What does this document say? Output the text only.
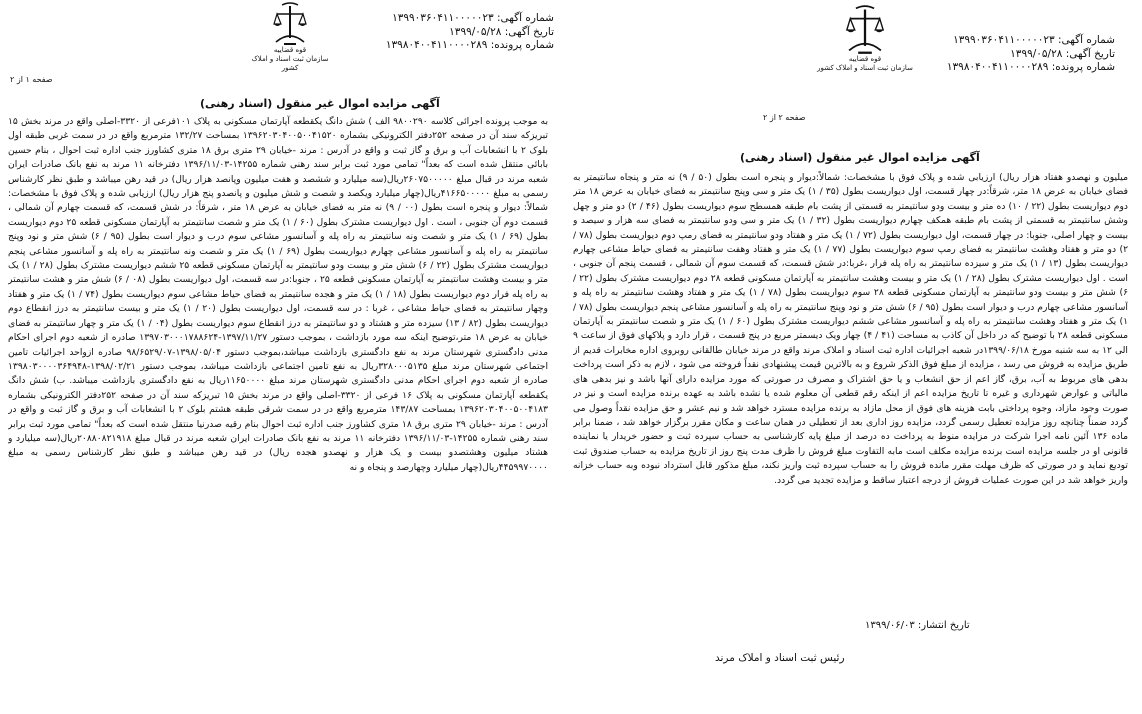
شماره آگهی: ۱۳۹۹۰۳۶۰۴۱۱۰۰۰۰۰۲۳
تاریخ آگهی: ۱۳۹۹/۰۵/۲۸
شماره پرونده: ۱۳۹۸۰۴۰۰۴۱۱۰۰۰۰۲۸۹
قوه قضاییه
سازمان ثبت اسناد و املاک کشور
صفحه ۱ از ۲
آگهی مزایده اموال غیر منقول (اسناد رهنی)

به موجب پرونده اجرائی کلاسه ۹۸۰۰۲۹۰ الف ) شش دانگ یکقطعه آپارتمان مسکونی به پلاک ۱۰۱فرعی از ۳۳۲۰-اصلی واقع در مرند بخش ۱۵ تبریزکه سند آن در صفحه ۲۵۲دفتر الکترونیکی بشماره ۱۳۹۶۲۰۳۰۴۰۰۵۰۰۴۱۵۲۰ بمساحت ۱۳۲/۲۷ مترمربع واقع در در سمت غربی طبقه اول بلوک ۲ با انشعابات آب و برق و گاز ثبت و واقع در آدرس : مرند -خیابان ۲۹ متری برق ۱۸ متری کشاورز جنب اداره ثبت احوال ، بنام حسین بابائی منتقل شده است که بعداً" تمامی مورد ثبت برابر سند رهنی شماره ۱۴۲۵۵-۱۳۹۶/۱۱/۰۳ دفترخانه ۱۱ مرند به نفع بانک صادرات ایران شعبه مرند در قبال مبلغ ۲۶۰۷۵۰۰۰۰۰ریال(سه میلیارد و ششصد و هفت میلیون وپانصد هزار ریال) در قید رهن میباشد و طبق نظر کارشناس رسمی به مبلغ ۴۱۶۶۵۰۰۰۰۰ریال(چهار میلیارد ویکصد و شصت و شش میلیون و پانصدو پنج هزار ریال) ارزیابی شده و پلاک فوق با مشخصات: شمالاً: دیوار و پنجره است بطول (۰۰ / ۹) نه متر به فضای خیابان به عرض ۱۸ متر ، شرقاً: در شش قسمت، که قسمت چهارم آن شمالی ، قسمت دوم آن جنوبی ، است . اول دیواریست مشترک بطول (۶۰ / ۱) یک متر و شصت سانتیمتر به آپارتمان مسکونی قطعه ۲۵ دوم دیواریست بطول (۶۹ / ۱) یک متر و شصت ونه سانتیمتر به راه پله و آسانسور مشاعی سوم درب و دیوار است بطول (۹۵ / ۶) شش متر و نود وپنج سانتیمتر به راه پله و آسانسور مشاعی چهارم دیواریست بطول (۶۹ / ۱) یک متر و شصت ونه سانتیمتر به راه پله و آسانسور مشاعی پنجم دیواریست مشترک بطول (۲۲ / ۶) شش متر و بیست ودو سانتیمتر به آپارتمان مسکونی قطعه ۲۵ ششم دیواریست مشترک بطول (۲۸ / ۱) یک متر و بیست وهشت سانتیمتر به آپارتمان مسکونی قطعه ۲۵ ، جنوبا:در سه قسمت، اول دیواریست بطول (۰۸ / ۶) شش متر و هشت سانتیمتر به راه پله فرار دوم دیواریست بطول (۱۸ / ۱) یک متر و هجده سانتیمتر به فضای حیاط مشاعی سوم دیواریست بطول (۷۴ / ۱) یک متر و هفتاد وچهار سانتیمتر به فضای حیاط مشاعی ، غربا : در سه قسمت، اول دیواریست بطول (۲۰ / ۱) یک متر و بیست سانتیمتر به درز انقطاع دوم دیواریست بطول (۸۲ / ۱۳) سیزده متر و هشتاد و دو سانتیمتر به درز انقطاع سوم دیواریست بطول (۰۴ / ۱) یک متر و چهار سانتیمتر به فضای خیابان به عرض ۱۸ متر،توضیح اینکه سه مورد بازداشت ، بموجب دستور ۱۳۹۷/۱۱/۲۷-۱۳۹۷۰۳۰۰۰۱۷۸۸۶۲۴ صادره از شعبه دوم اجرای احکام مدنی دادگستری شهرستان مرند به نفع دادگستری بازداشت میباشد،بموجب دستور ۱۳۹۸/۰۵/۰۴-۹۸/۶۵۲۹/۰۷ صادره ازواحد اجرائیات تامین اجتماعی شهرستان مرند مبلغ ۳۲۸۰۰۰۵۱۳۵ریال به نفع تامین اجتماعی بازداشت میباشد، بموجب دستور ۱۳۹۸/۰۲/۲۱-۱۳۹۸۰۳۰۰۰۰۳۶۴۹۴۸ صادره از شعبه دوم اجرای احکام مدنی دادگستری شهرستان مرند مبلغ ۱۱۶۵۰۰۰۰ریال به نفع دادگستری بازداشت میباشد. ب) شش دانگ یکقطعه آپارتمان مسکونی به پلاک ۱۶ فرعی از ۳۳۲۰-اصلی واقع در مرند بخش ۱۵ تبریزکه سند آن در صفحه ۲۵۲دفتر الکترونیکی بشماره ۱۳۹۶۲۰۳۰۴۰۰۵۰۰۴۱۸۳ بمساحت ۱۴۳/۸۷ مترمربع واقع در در سمت شرقی طبقه هشتم بلوک ۲ با انشعابات آب و برق و گاز ثبت و واقع در آدرس : مرند -خیابان ۲۹ متری برق ۱۸ متری کشاورز جنب اداره ثبت احوال بنام رقیه صدرنیا منتقل شده است که بعداً" تمامی مورد ثبت برابر سند رهنی شماره ۱۴۲۵۵-۱۳۹۶/۱۱/۰۳ دفترخانه ۱۱ مرند به نفع بانک صادرات ایران شعبه مرند در قبال مبلغ ۲۰۸۸۰۸۲۱۹۱۸ریال(سه میلیارد و هشتاد میلیون وهشتصدو بیست و یک هزار و نهصدو هجده ریال) در قید رهن میباشد و طبق نظر کارشناس رسمی به مبلغ ۴۴۵۹۹۷۰۰۰۰ریال(چهار میلیارد وچهارصد و پنجاه و نه

شماره آگهی: ۱۳۹۹۰۳۶۰۴۱۱۰۰۰۰۰۲۳
تاریخ آگهی: ۱۳۹۹/۰۵/۲۸
شماره پرونده: ۱۳۹۸۰۴۰۰۴۱۱۰۰۰۰۲۸۹
قوه قضاییه
سازمان ثبت اسناد و املاک کشور
صفحه ۲ از ۲
آگهی مزایده اموال غیر منقول (اسناد رهنی)

میلیون و نهصدو هفتاد هزار ریال) ارزیابی شده و پلاک فوق با مشخصات: شمالاً:دیوار و پنجره است بطول (۵۰ / ۹) نه متر و پنجاه سانتیمتر به فضای خیابان به عرض ۱۸ متر، شرقاً:در چهار قسمت، اول دیواریست بطول (۳۵ / ۱) یک متر و سی وپنج سانتیمتر به فضای خیابان به عرض ۱۸ متر دوم دیواریست بطول (۲۲ / ۱۰) ده متر و بیست ودو سانتیمتر به قسمتی از پشت بام طبقه همسطح سوم دیواریست بطول (۴۶ / ۲) دو متر و چهل وشش سانتیمتر به قسمتی از پشت بام طبقه همکف چهارم دیواریست بطول (۳۲ / ۱) یک متر و سی ودو سانتیمتر به فضای سه هزار و سیصد و بیست و چهار اصلی، جنوبا: در چهار قسمت، اول دیواریست بطول (۷۲ / ۱) یک متر و هفتاد ودو سانتیمتر به فضای رمپ دوم دیواریست بطول (۷۸ / ۲) دو متر و هفتاد وهشت سانتیمتر به فضای رمپ سوم دیواریست بطول (۷۷ / ۱) یک متر و هفتاد وهفت سانتیمتر به فضای حیاط مشاعی چهارم دیواریست بطول (۱۳ / ۱) یک متر و سیزده سانتیمتر به راه پله فرار ،غربا:در شش قسمت، که قسمت سوم آن شمالی ، قسمت پنجم آن جنوبی ، است . اول دیواریست مشترک بطول (۲۸ / ۱) یک متر و بیست وهشت سانتیمتر به آپارتمان مسکونی قطعه ۲۸ دوم دیواریست مشترک بطول (۲۲ / ۶) شش متر و بیست ودو سانتیمتر به آپارتمان مسکونی قطعه ۲۸ سوم دیواریست بطول (۷۸ / ۱) یک متر و هفتاد وهشت سانتیمتر به راه پله و آسانسور مشاعی چهارم درب و دیوار است بطول (۹۵ / ۶) شش متر و نود وپنج سانتیمتر به راه پله و آسانسور مشاعی پنجم دیواریست بطول (۷۸ / ۱) یک متر و هفتاد وهشت سانتیمتر به راه پله و آسانسور مشاعی ششم دیواریست مشترک بطول (۶۰ / ۱) یک متر و شصت سانتیمتر به آپارتمان مسکونی قطعه ۲۸ با توضیح که در داخل آن کاذب به مساحت (۴۱ / ۴) چهار ویک دیسمتر مربع در پنج قسمت ، قرار دارد و پلاکهای فوق از ساعت ۹ الی ۱۲ به سه شنبه مورخ ۱۳۹۹/۰۶/۱۸در شعبه اجرائیات اداره ثبت اسناد و املاک مرند واقع در مرند خیابان طالقانی روبروی اداره مخابرات قدیم از طریق مزایده به فروش می رسد ، مزایده از مبلغ فوق الذکر شروع و به بالاترین قیمت پیشنهادی نقداً فروخته می شود ، لازم به ذکر است پرداخت بدهی های مربوط به آب، برق، گاز اعم از حق انشعاب و یا حق اشتراک و مصرف در صورتی که مورد مزایده دارای آنها باشد و نیز بدهی های مالیاتی و عوارض شهرداری و غیره تا تاریخ مزایده اعم از اینکه رقم قطعی آن معلوم شده یا نشده باشد به عهده برنده مزایده است و نیز در صورت وجود مازاد، وجوه پرداختی بابت هزینه های فوق از محل مازاد به برنده مزایده مسترد خواهد شد و نیم عشر و حق مزایده نقداً وصول می گردد ضمناً چنانچه روز مزایده تعطیل رسمی گردد، مزایده روز اداری بعد از تعطیلی در همان ساعت و مکان مقرر برگزار خواهد شد ، ضمنا برابر ماده ۱۳۶ آئین نامه اجرا شرکت در مزایده منوط به پرداخت ده درصد از مبلغ پایه کارشناسی به حساب سپرده ثبت و حضور خریدار یا نماینده قانونی او در جلسه مزایده است برنده مزایده مکلف است مابه التفاوت مبلغ فروش را ظرف مدت پنج روز از تاریخ مزایده به حساب صندوق ثبت تودیع نماید و در صورتی که ظرف مهلت مقرر مانده فروش را به حساب سپرده ثبت واریز نکند، مبلغ مذکور قابل استرداد نبوده وبه حساب خزانه واریز خواهد شد در این صورت عملیات فروش از درجه اعتبار ساقط و مزایده تجدید می گردد.

تاریخ انتشار: ۱۳۹۹/۰۶/۰۳
رئیس ثبت اسناد و املاک مرند
